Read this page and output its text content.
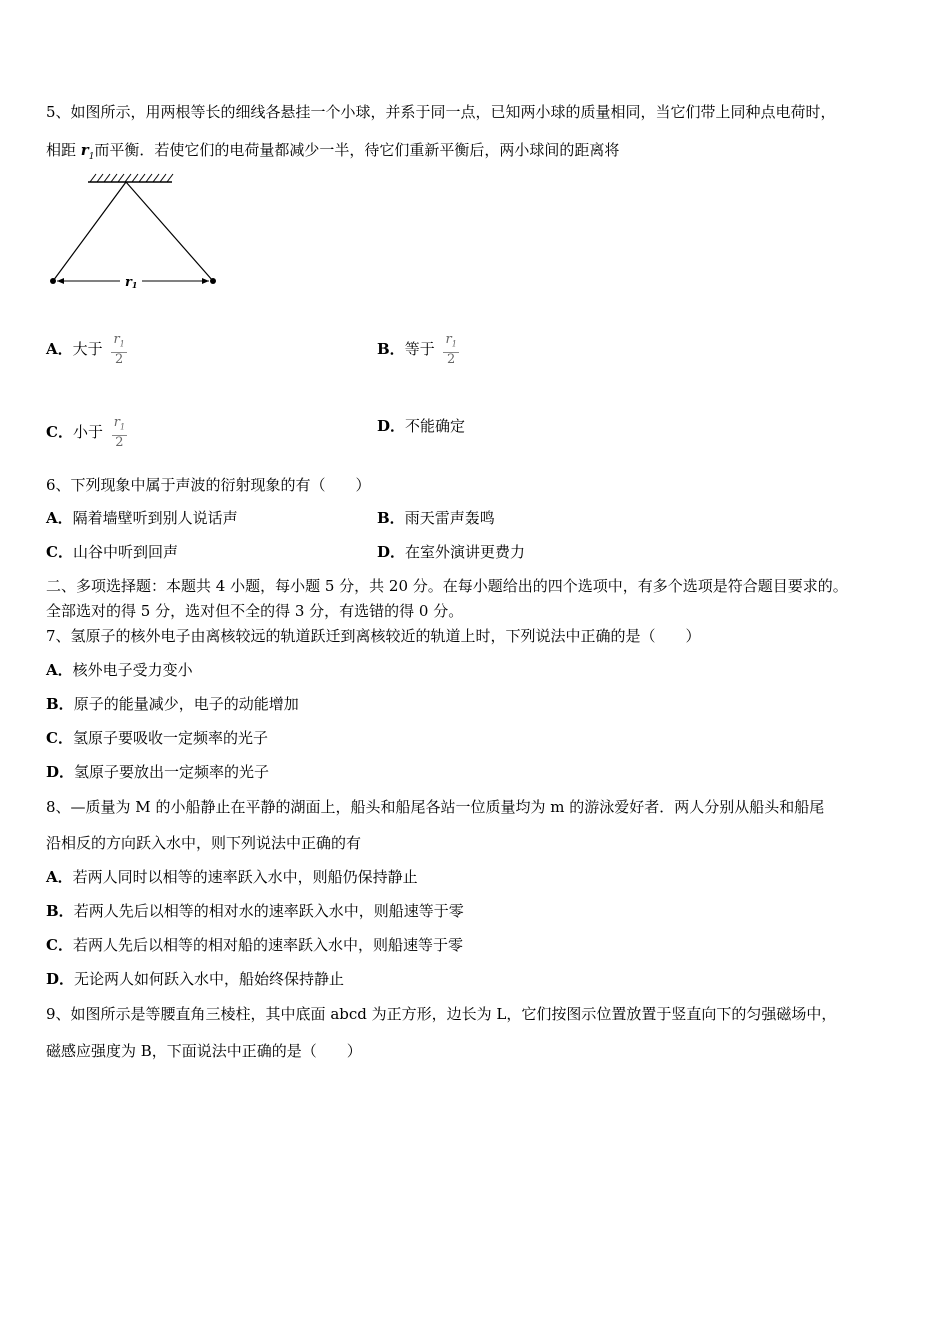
5、如图所示，用两根等长的细线各悬挂一个小球，并系于同一点，已知两小球的质量相同，当它们带上同种点电荷时，
相距 $r_1$而平衡．若使它们的电荷量都减少一半，待它们重新平衡后，两小球间的距离将
r1
A．大于 $\frac{r_1}{2}$	B．等于 $\frac{r_1}{2}$
C．小于 $\frac{r_1}{2}$	D．不能确定
6、下列现象中属于声波的衍射现象的有（　　）
A．隔着墙壁听到别人说话声	B．雨天雷声轰鸣
C．山谷中听到回声	D．在室外演讲更费力
二、多项选择题：本题共 4 小题，每小题 5 分，共 20 分。在每小题给出的四个选项中，有多个选项是符合题目要求的。
全部选对的得 5 分，选对但不全的得 3 分，有选错的得 0 分。
7、氢原子的核外电子由离核较远的轨道跃迁到离核较近的轨道上时，下列说法中正确的是（　　）
A．核外电子受力变小
B．原子的能量减少，电子的动能增加
C．氢原子要吸收一定频率的光子
D．氢原子要放出一定频率的光子
8、—质量为 M 的小船静止在平静的湖面上，船头和船尾各站一位质量均为 m 的游泳爱好者．两人分别从船头和船尾
沿相反的方向跃入水中，则下列说法中正确的有
A．若两人同时以相等的速率跃入水中，则船仍保持静止
B．若两人先后以相等的相对水的速率跃入水中，则船速等于零
C．若两人先后以相等的相对船的速率跃入水中，则船速等于零
D．无论两人如何跃入水中，船始终保持静止
9、如图所示是等腰直角三棱柱，其中底面 abcd 为正方形，边长为 L，它们按图示位置放置于竖直向下的匀强磁场中，
磁感应强度为 B，下面说法中正确的是（　　）
